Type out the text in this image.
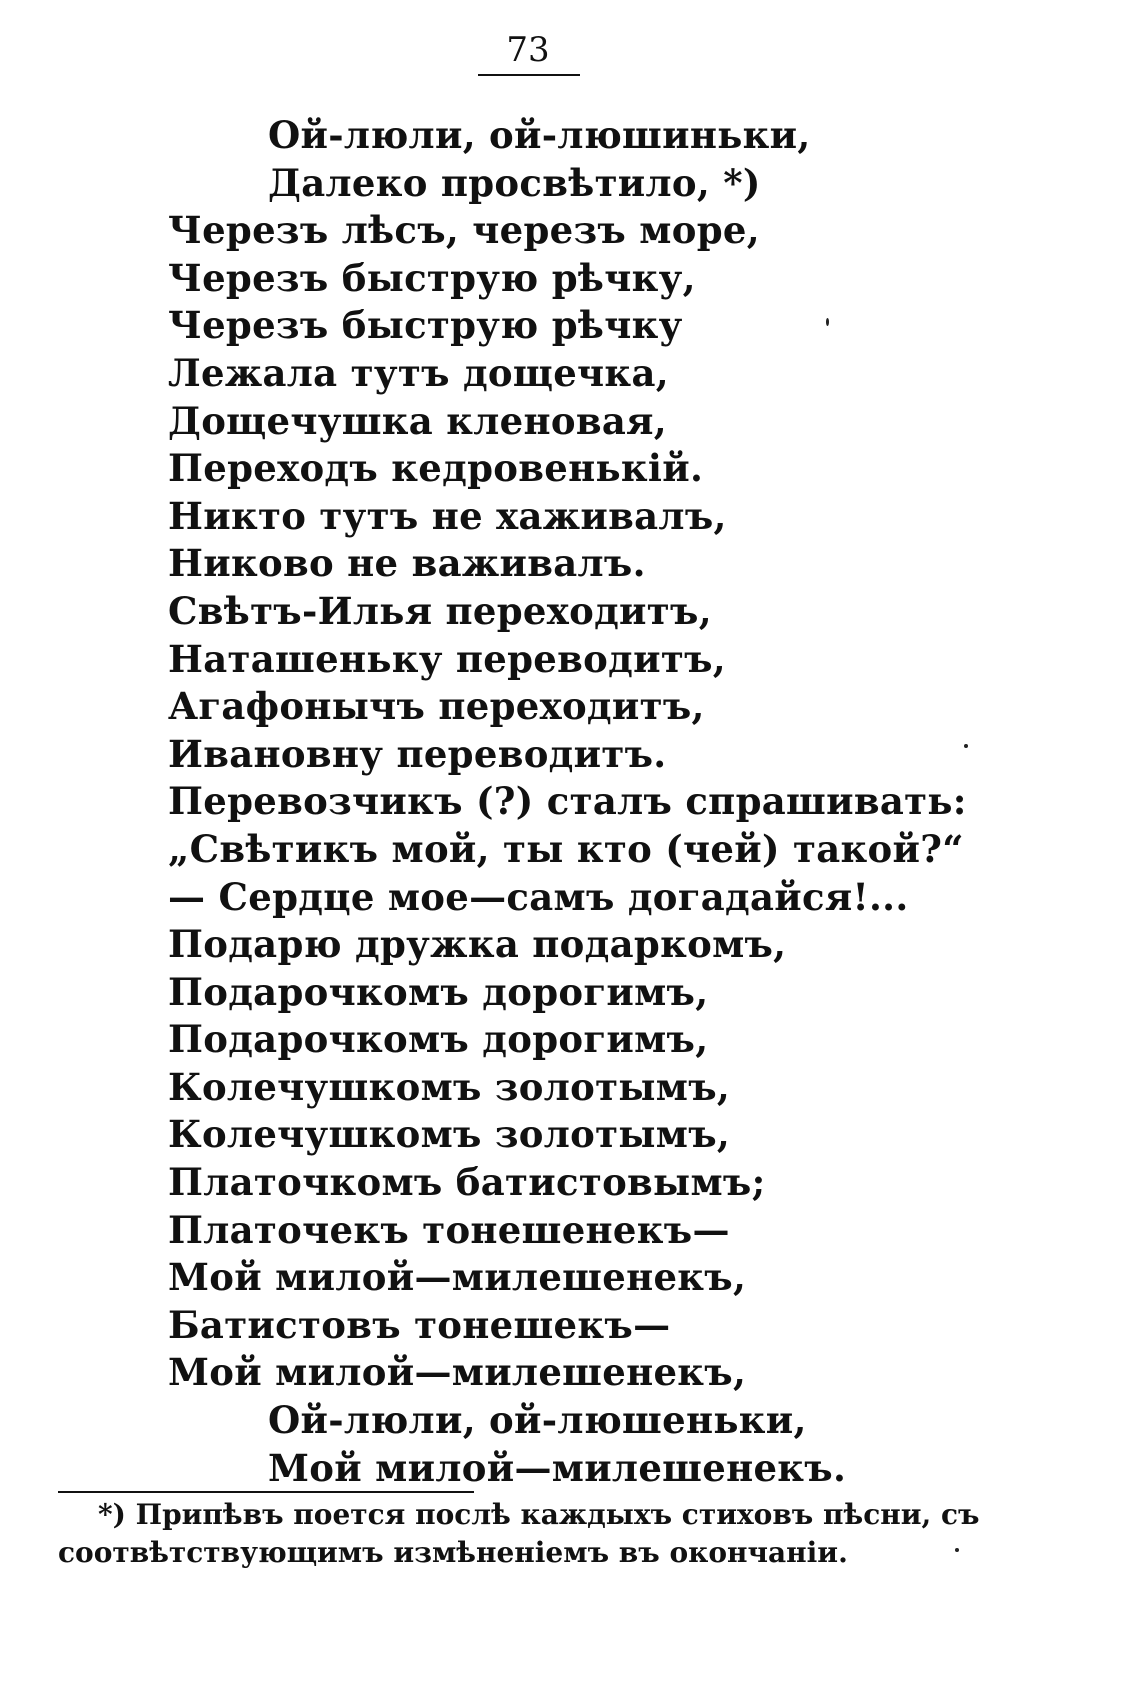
73
Ой-люли, ой-люшиньки,
Далеко просвѣтило, *)
Черезъ лѣсъ, черезъ море,
Черезъ быструю рѣчку,
Черезъ быструю рѣчку
Лежала тутъ дощечка,
Дощечушка кленовая,
Переходъ кедровенькій.
Никто тутъ не хаживалъ,
Никово не важивалъ.
Свѣтъ-Илья переходитъ,
Наташеньку переводитъ,
Агафонычъ переходитъ,
Ивановну переводитъ.
Перевозчикъ (?) сталъ спрашивать:
„Свѣтикъ мой, ты кто (чей) такой?“
— Сердце мое—самъ догадайся!...
Подарю дружка подаркомъ,
Подарочкомъ дорогимъ,
Подарочкомъ дорогимъ,
Колечушкомъ золотымъ,
Колечушкомъ золотымъ,
Платочкомъ батистовымъ;
Платочекъ тонешенекъ—
Мой милой—милешенекъ,
Батистовъ тонешекъ—
Мой милой—милешенекъ,
Ой-люли, ой-люшеньки,
Мой милой—милешенекъ.
*) Припѣвъ поется послѣ каждыхъ стиховъ пѣсни, съ
соотвѣтствующимъ измѣненіемъ въ окончаніи.
